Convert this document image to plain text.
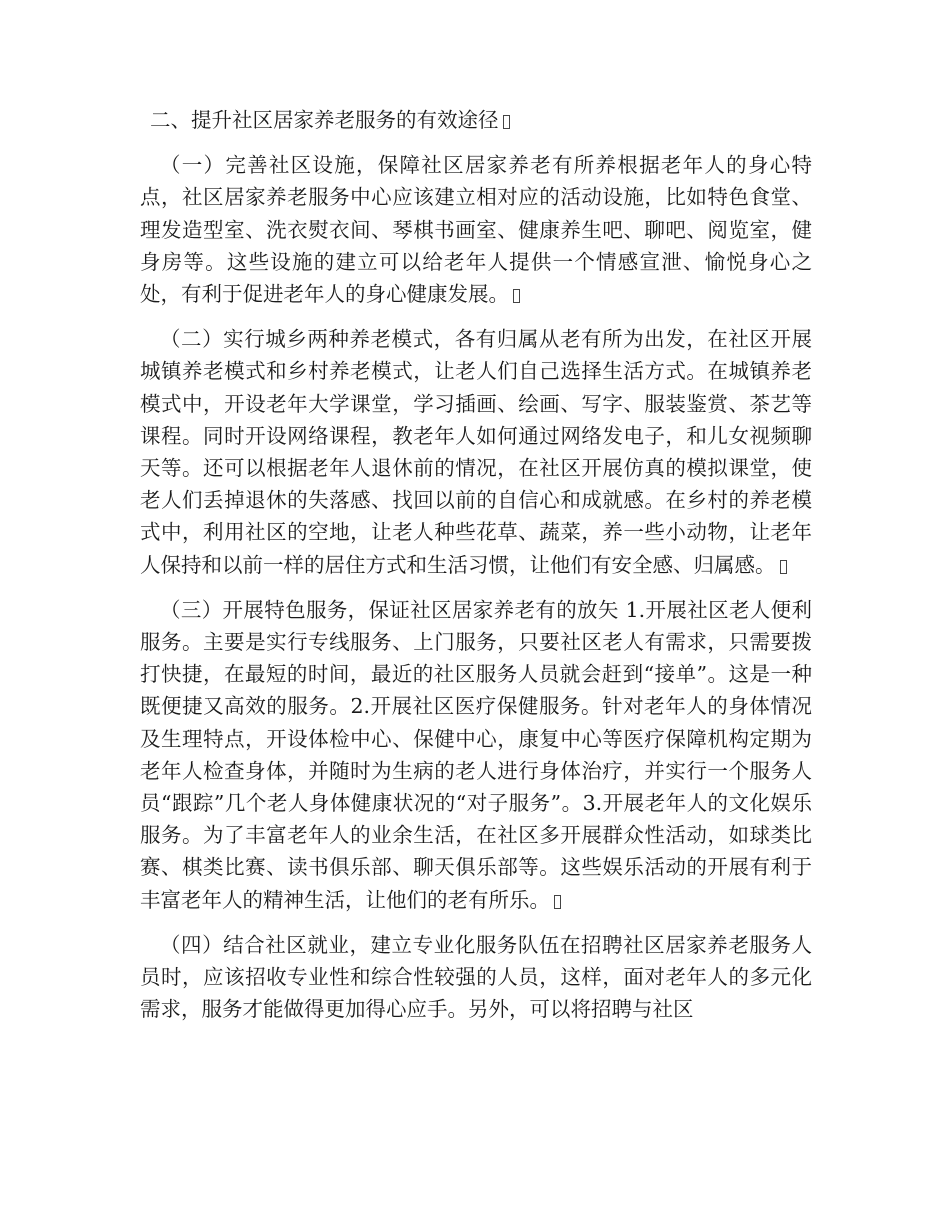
二、提升社区居家养老服务的有效途径

（一）完善社区设施，保障社区居家养老有所养根据老年人的身心特点，社区居家养老服务中心应该建立相对应的活动设施，比如特色食堂、理发造型室、洗衣熨衣间、琴棋书画室、健康养生吧、聊吧、阅览室，健身房等。这些设施的建立可以给老年人提供一个情感宣泄、愉悦身心之处，有利于促进老年人的身心健康发展。

（二）实行城乡两种养老模式，各有归属从老有所为出发，在社区开展城镇养老模式和乡村养老模式，让老人们自己选择生活方式。在城镇养老模式中，开设老年大学课堂，学习插画、绘画、写字、服装鉴赏、茶艺等课程。同时开设网络课程，教老年人如何通过网络发电子，和儿女视频聊天等。还可以根据老年人退休前的情况，在社区开展仿真的模拟课堂，使老人们丢掉退休的失落感、找回以前的自信心和成就感。在乡村的养老模式中，利用社区的空地，让老人种些花草、蔬菜，养一些小动物，让老年人保持和以前一样的居住方式和生活习惯，让他们有安全感、归属感。

（三）开展特色服务，保证社区居家养老有的放矢 1.开展社区老人便利服务。主要是实行专线服务、上门服务，只要社区老人有需求，只需要拨打快捷，在最短的时间，最近的社区服务人员就会赶到“接单”。这是一种既便捷又高效的服务。2.开展社区医疗保健服务。针对老年人的身体情况及生理特点，开设体检中心、保健中心，康复中心等医疗保障机构定期为老年人检查身体，并随时为生病的老人进行身体治疗，并实行一个服务人员“跟踪”几个老人身体健康状况的“对子服务”。3.开展老年人的文化娱乐服务。为了丰富老年人的业余生活，在社区多开展群众性活动，如球类比赛、棋类比赛、读书俱乐部、聊天俱乐部等。这些娱乐活动的开展有利于丰富老年人的精神生活，让他们的老有所乐。

（四）结合社区就业，建立专业化服务队伍在招聘社区居家养老服务人员时，应该招收专业性和综合性较强的人员，这样，面对老年人的多元化需求，服务才能做得更加得心应手。另外，可以将招聘与社区
